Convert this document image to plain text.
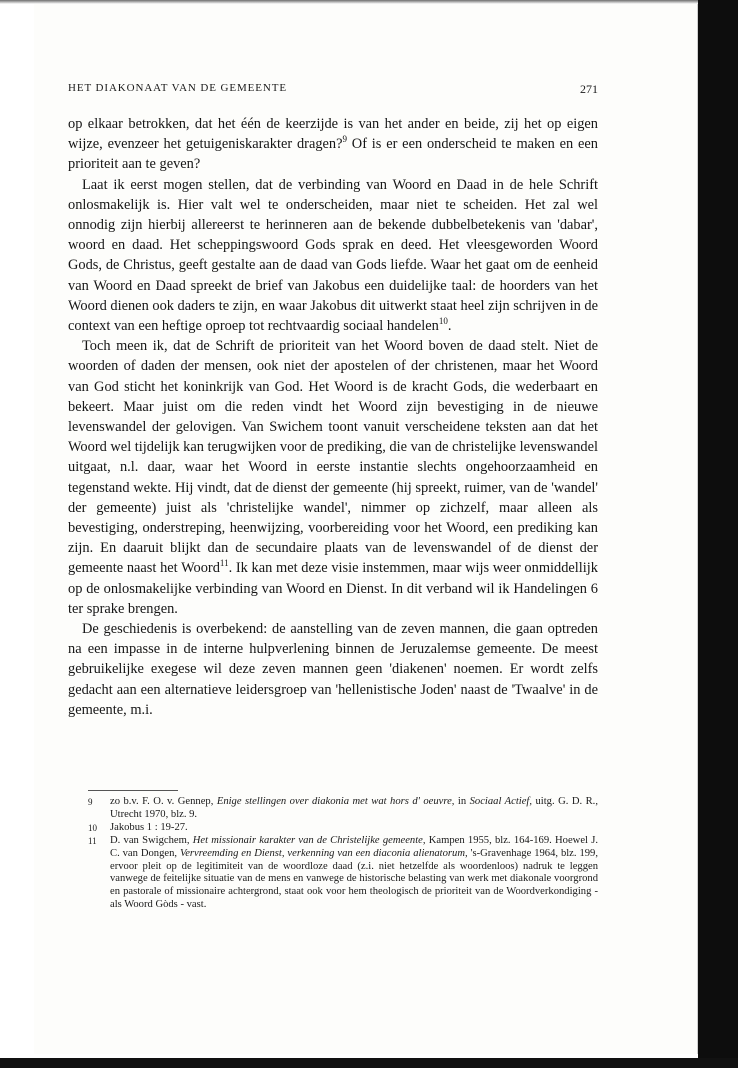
HET DIAKONAAT VAN DE GEMEENTE	271

op elkaar betrokken, dat het één de keerzijde is van het ander en beide, zij het op eigen wijze, evenzeer het getuigeniskarakter dragen?$^9$ Of is er een onderscheid te maken en een prioriteit aan te geven?

Laat ik eerst mogen stellen, dat de verbinding van Woord en Daad in de hele Schrift onlosmakelijk is. Hier valt wel te onderscheiden, maar niet te scheiden. Het zal wel onnodig zijn hierbij allereerst te herinneren aan de bekende dubbelbetekenis van 'dabar', woord en daad. Het scheppingswoord Gods sprak en deed. Het vleesgeworden Woord Gods, de Christus, geeft gestalte aan de daad van Gods liefde. Waar het gaat om de eenheid van Woord en Daad spreekt de brief van Jakobus een duidelijke taal: de hoorders van het Woord dienen ook daders te zijn, en waar Jakobus dit uitwerkt staat heel zijn schrijven in de context van een heftige oproep tot rechtvaardig sociaal handelen$^{10}$.

Toch meen ik, dat de Schrift de prioriteit van het Woord boven de daad stelt. Niet de woorden of daden der mensen, ook niet der apostelen of der christenen, maar het Woord van God sticht het koninkrijk van God. Het Woord is de kracht Gods, die wederbaart en bekeert. Maar juist om die reden vindt het Woord zijn bevestiging in de nieuwe levenswandel der gelovigen. Van Swichem toont vanuit verscheidene teksten aan dat het Woord wel tijdelijk kan terugwijken voor de prediking, die van de christelijke levenswandel uitgaat, n.l. daar, waar het Woord in eerste instantie slechts ongehoorzaamheid en tegenstand wekte. Hij vindt, dat de dienst der gemeente (hij spreekt, ruimer, van de 'wandel' der gemeente) juist als 'christelijke wandel', nimmer op zichzelf, maar alleen als bevestiging, onderstreping, heenwijzing, voorbereiding voor het Woord, een prediking kan zijn. En daaruit blijkt dan de secundaire plaats van de levenswandel of de dienst der gemeente naast het Woord$^{11}$. Ik kan met deze visie instemmen, maar wijs weer onmiddellijk op de onlosmakelijke verbinding van Woord en Dienst. In dit verband wil ik Handelingen 6 ter sprake brengen.

De geschiedenis is overbekend: de aanstelling van de zeven mannen, die gaan optreden na een impasse in de interne hulpverlening binnen de Jeruzalemse gemeente. De meest gebruikelijke exegese wil deze zeven mannen geen 'diakenen' noemen. Er wordt zelfs gedacht aan een alternatieve leidersgroep van 'hellenistische Joden' naast de 'Twaalve' in de gemeente, m.i.

9 zo b.v. F. O. v. Gennep, Enige stellingen over diakonia met wat hors d' oeuvre, in Sociaal Actief, uitg. G. D. R., Utrecht 1970, blz. 9.
10 Jakobus 1 : 19-27.
11 D. van Swigchem, Het missionair karakter van de Christelijke gemeente, Kampen 1955, blz. 164-169. Hoewel J. C. van Dongen, Vervreemding en Dienst, verkenning van een diaconia alienatorum, 's-Gravenhage 1964, blz. 199, ervoor pleit op de legitimiteit van de woordloze daad (z.i. niet hetzelfde als woordenloos) nadruk te leggen vanwege de feitelijke situatie van de mens en vanwege de historische belasting van werk met diakonale voorgrond en pastorale of missionaire achtergrond, staat ook voor hem theologisch de prioriteit van de Woordverkondiging - als Woord Gòds - vast.
